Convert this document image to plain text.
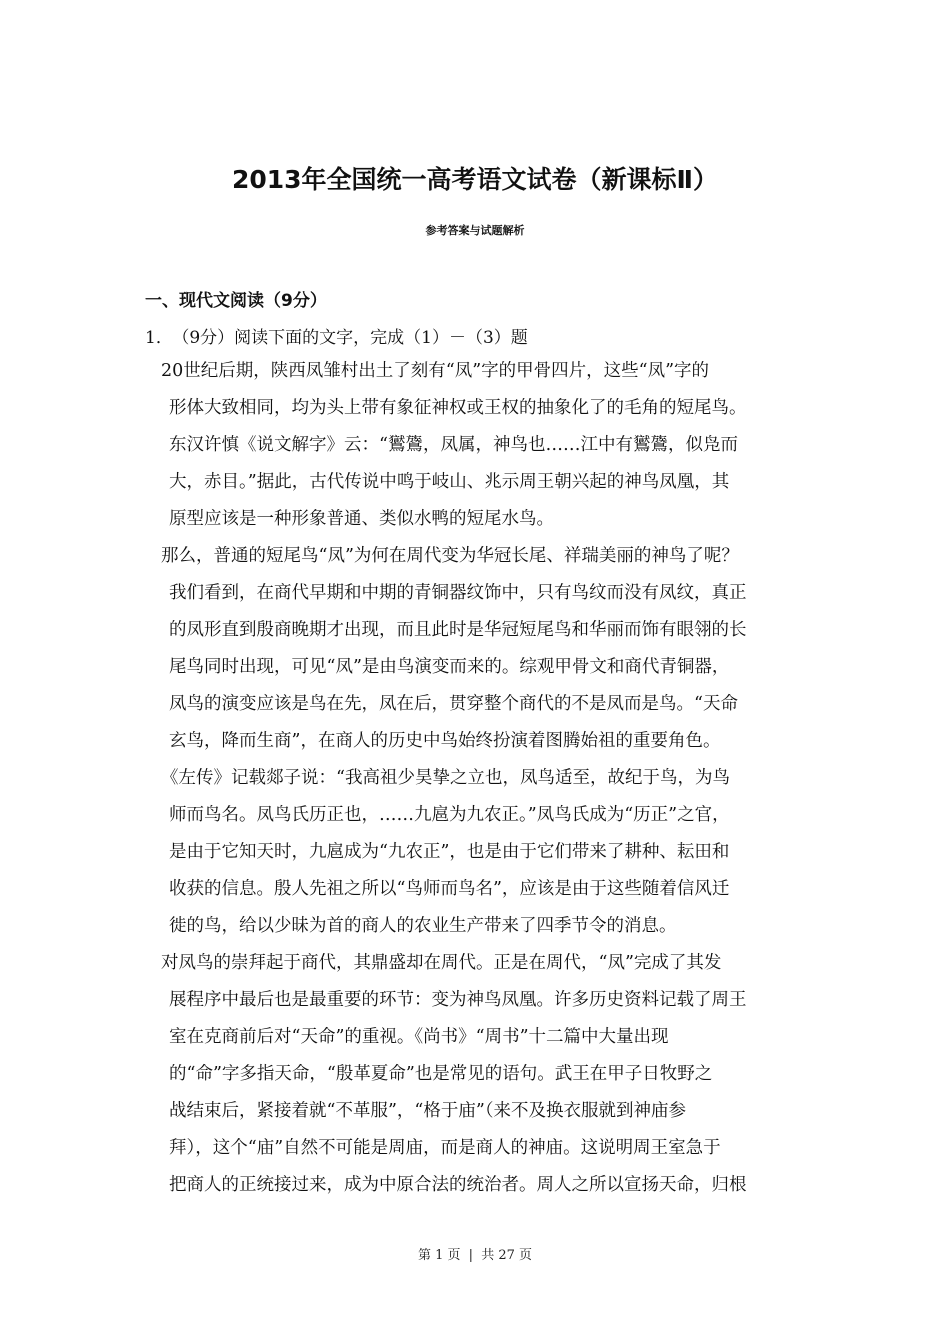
2013年全国统一高考语文试卷（新课标Ⅱ）
参考答案与试题解析
一、现代文阅读（9分）
1． （9分）阅读下面的文字，完成（1）－（3）题
20世纪后期，陕西凤雏村出土了刻有“凤”字的甲骨四片，这些“凤”字的
形体大致相同，均为头上带有象征神权或王权的抽象化了的毛角的短尾鸟。
东汉许慎《说文解字》云：“鸑鷟，凤属，神鸟也……江中有鸑鷟，似凫而
大，赤目。”据此，古代传说中鸣于岐山、兆示周王朝兴起的神鸟凤凰，其
原型应该是一种形象普通、类似水鸭的短尾水鸟。
那么，普通的短尾鸟“凤”为何在周代变为华冠长尾、祥瑞美丽的神鸟了呢？
我们看到，在商代早期和中期的青铜器纹饰中，只有鸟纹而没有凤纹，真正
的凤形直到殷商晚期才出现，而且此时是华冠短尾鸟和华丽而饰有眼翎的长
尾鸟同时出现，可见“凤”是由鸟演变而来的。综观甲骨文和商代青铜器，
凤鸟的演变应该是鸟在先，凤在后，贯穿整个商代的不是凤而是鸟。“天命
玄鸟，降而生商”，在商人的历史中鸟始终扮演着图腾始祖的重要角色。
《左传》记载郯子说：“我高祖少昊挚之立也，凤鸟适至，故纪于鸟，为鸟
师而鸟名。凤鸟氏历正也，……九扈为九农正。”凤鸟氏成为“历正”之官，
是由于它知天时，九扈成为“九农正”，也是由于它们带来了耕种、耘田和
收获的信息。殷人先祖之所以“鸟师而鸟名”，应该是由于这些随着信风迁
徙的鸟，给以少昧为首的商人的农业生产带来了四季节令的消息。
对凤鸟的崇拜起于商代，其鼎盛却在周代。正是在周代，“凤”完成了其发
展程序中最后也是最重要的环节：变为神鸟凤凰。许多历史资料记载了周王
室在克商前后对“天命”的重视。《尚书》“周书”十二篇中大量出现
的“命”字多指天命，“殷革夏命”也是常见的语句。武王在甲子日牧野之
战结束后，紧接着就“不革服”，“格于庙”（来不及换衣服就到神庙参
拜），这个“庙”自然不可能是周庙，而是商人的神庙。这说明周王室急于
把商人的正统接过来，成为中原合法的统治者。周人之所以宣扬天命，归根
第 1 页 | 共 27 页
